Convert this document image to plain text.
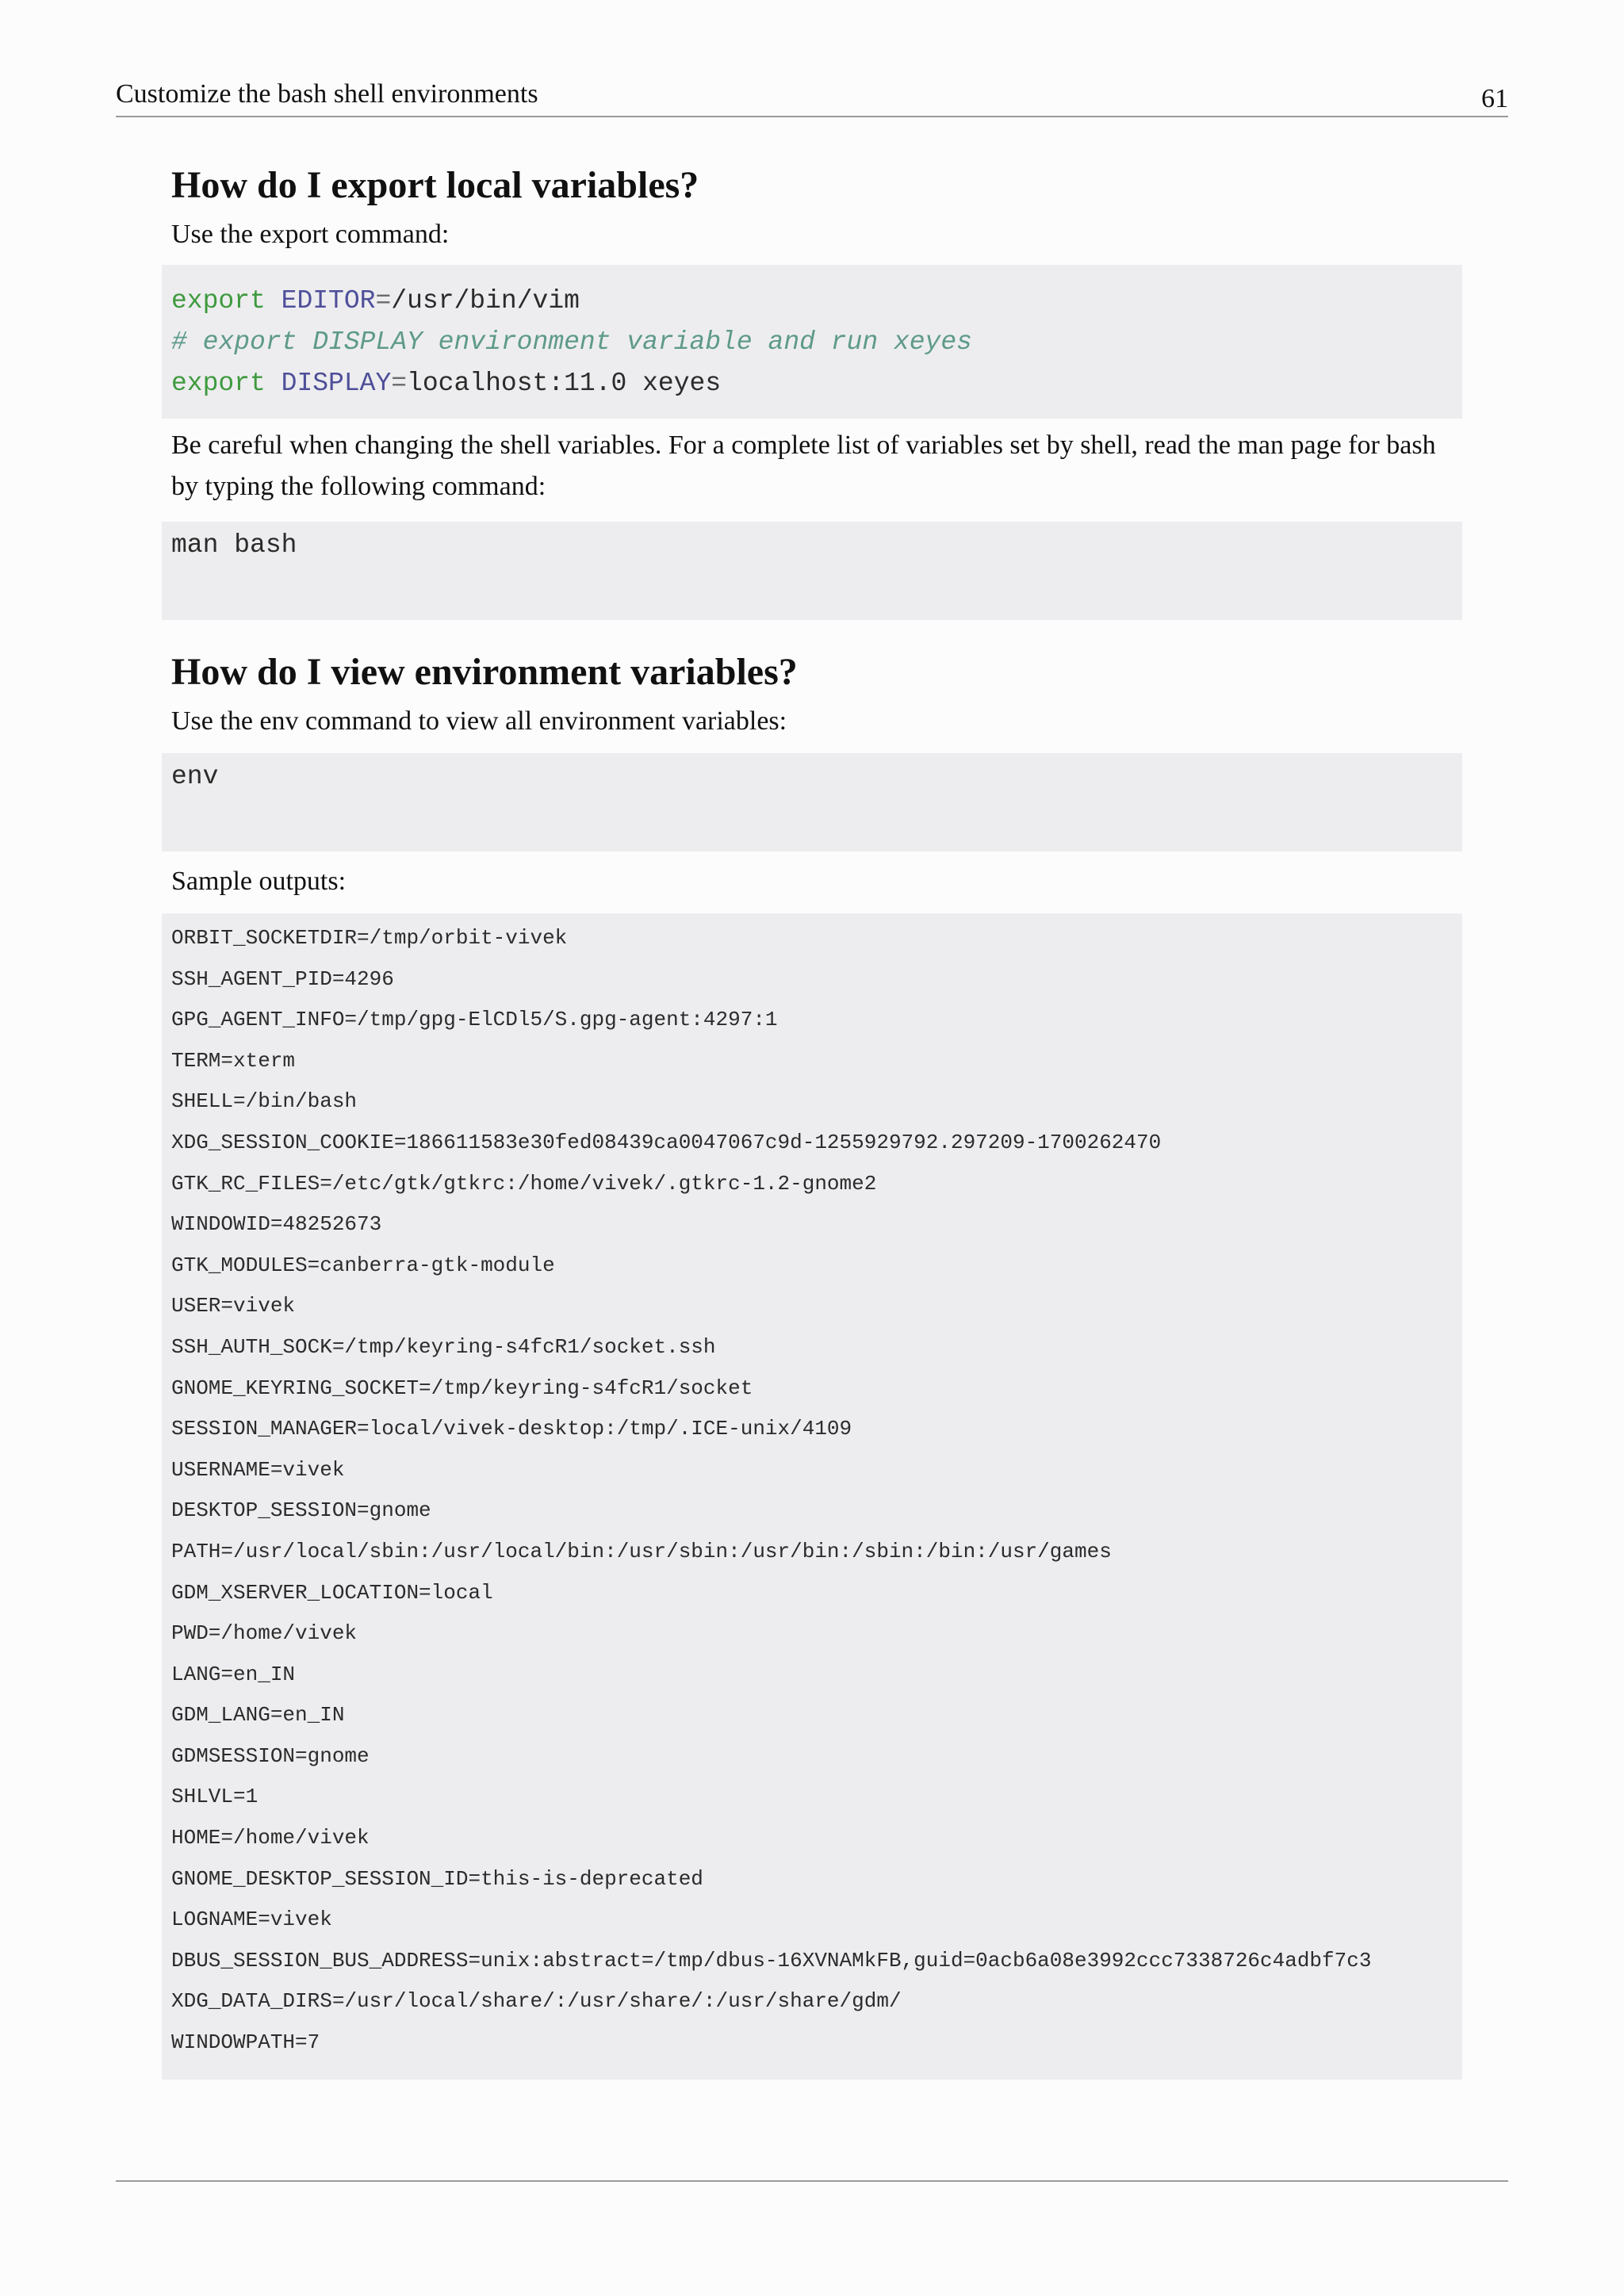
Customize the bash shell environments	61
How do I export local variables?

Use the export command:

export EDITOR=/usr/bin/vim
# export DISPLAY environment variable and run xeyes
export DISPLAY=localhost:11.0 xeyes

Be careful when changing the shell variables. For a complete list of variables set by shell, read the man page for bash
by typing the following command:

man bash
How do I view environment variables?

Use the env command to view all environment variables:

env

Sample outputs:

ORBIT_SOCKETDIR=/tmp/orbit-vivek
SSH_AGENT_PID=4296
GPG_AGENT_INFO=/tmp/gpg-ElCDl5/S.gpg-agent:4297:1
TERM=xterm
SHELL=/bin/bash
XDG_SESSION_COOKIE=186611583e30fed08439ca0047067c9d-1255929792.297209-1700262470
GTK_RC_FILES=/etc/gtk/gtkrc:/home/vivek/.gtkrc-1.2-gnome2
WINDOWID=48252673
GTK_MODULES=canberra-gtk-module
USER=vivek
SSH_AUTH_SOCK=/tmp/keyring-s4fcR1/socket.ssh
GNOME_KEYRING_SOCKET=/tmp/keyring-s4fcR1/socket
SESSION_MANAGER=local/vivek-desktop:/tmp/.ICE-unix/4109
USERNAME=vivek
DESKTOP_SESSION=gnome
PATH=/usr/local/sbin:/usr/local/bin:/usr/sbin:/usr/bin:/sbin:/bin:/usr/games
GDM_XSERVER_LOCATION=local
PWD=/home/vivek
LANG=en_IN
GDM_LANG=en_IN
GDMSESSION=gnome
SHLVL=1
HOME=/home/vivek
GNOME_DESKTOP_SESSION_ID=this-is-deprecated
LOGNAME=vivek
DBUS_SESSION_BUS_ADDRESS=unix:abstract=/tmp/dbus-16XVNAMkFB,guid=0acb6a08e3992ccc7338726c4adbf7c3
XDG_DATA_DIRS=/usr/local/share/:/usr/share/:/usr/share/gdm/
WINDOWPATH=7
